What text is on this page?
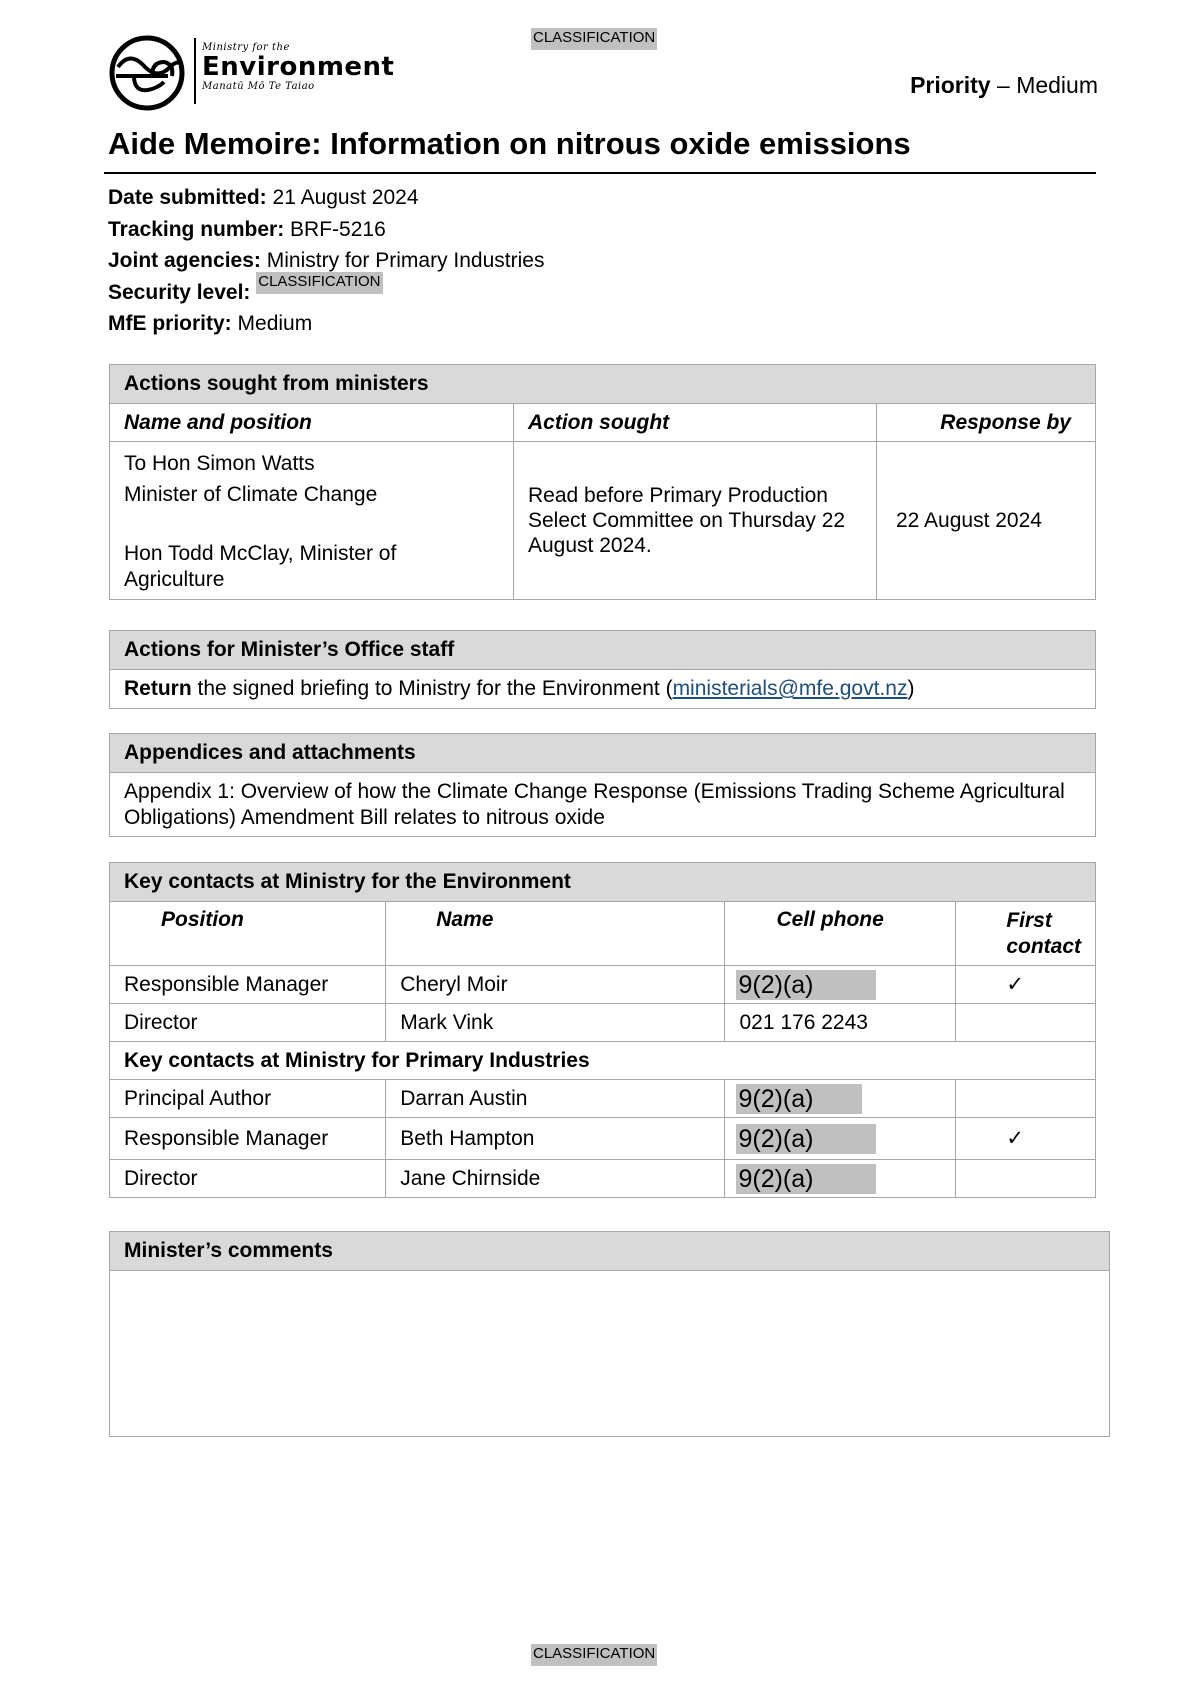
CLASSIFICATION
Ministry for the
Environment
Manatū Mō Te Taiao	Priority – Medium
Aide Memoire: Information on nitrous oxide emissions
Date submitted: 21 August 2024
Tracking number: BRF-5216
Joint agencies: Ministry for Primary Industries
Security level: $^{CLASSIFICATION}$
MfE priority: Medium
Actions sought from ministers		
Name and position	Action sought	Response by

To Hon Simon Watts
Minister of Climate Change
Hon Todd McClay, Minister of Agriculture	Read before Primary Production Select Committee on Thursday 22 August 2024.	22 August 2024
Actions for Minister’s Office staff
Return the signed briefing to Ministry for the Environment (ministerials@mfe.govt.nz)
Appendices and attachments
Appendix 1: Overview of how the Climate Change Response (Emissions Trading Scheme Agricultural Obligations) Amendment Bill relates to nitrous oxide
Key contacts at Ministry for the Environment			
Position	Name	Cell phone	First contact
Responsible Manager	Cheryl Moir	9(2)(a)	✓
Director	Mark Vink	021 176 2243	
Key contacts at Ministry for Primary Industries			
Principal Author	Darran Austin	9(2)(a)	
Responsible Manager	Beth Hampton	9(2)(a)	✓
Director	Jane Chirnside	9(2)(a)	
Minister’s comments

CLASSIFICATION
